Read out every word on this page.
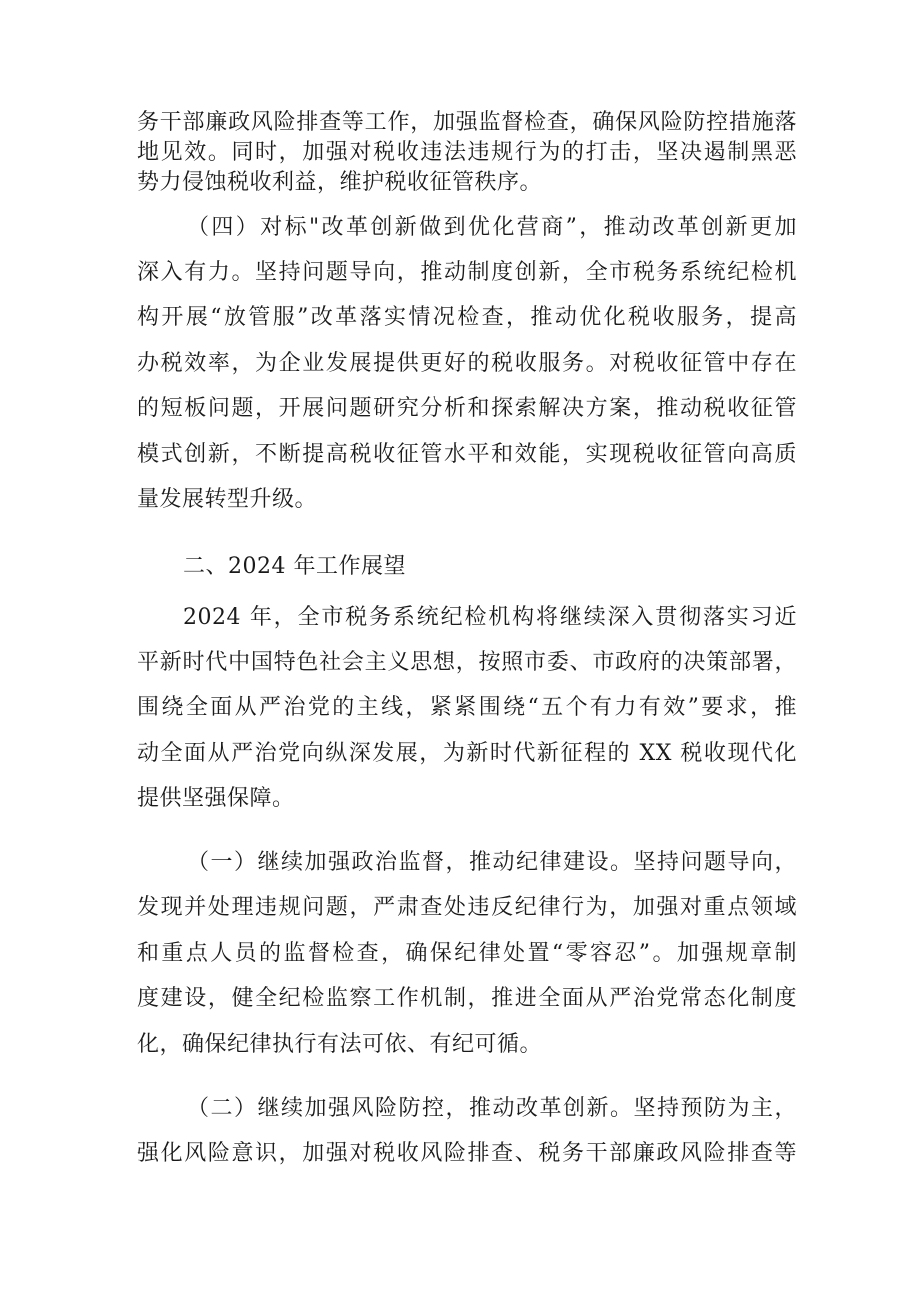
务干部廉政风险排查等工作，加强监督检查，确保风险防控措施落
地见效。同时，加强对税收违法违规行为的打击，坚决遏制黑恶
势力侵蚀税收利益，维护税收征管秩序。
（四）对标"改革创新做到优化营商”，推动改革创新更加
深入有力。坚持问题导向，推动制度创新，全市税务系统纪检机
构开展“放管服”改革落实情况检查，推动优化税收服务，提高
办税效率，为企业发展提供更好的税收服务。对税收征管中存在
的短板问题，开展问题研究分析和探索解决方案，推动税收征管
模式创新，不断提高税收征管水平和效能，实现税收征管向高质
量发展转型升级。
二、2024 年工作展望
2024 年，全市税务系统纪检机构将继续深入贯彻落实习近
平新时代中国特色社会主义思想，按照市委、市政府的决策部署，
围绕全面从严治党的主线，紧紧围绕“五个有力有效”要求，推
动全面从严治党向纵深发展，为新时代新征程的 XX 税收现代化
提供坚强保障。
（一）继续加强政治监督，推动纪律建设。坚持问题导向，
发现并处理违规问题，严肃查处违反纪律行为，加强对重点领域
和重点人员的监督检查，确保纪律处置“零容忍”。加强规章制
度建设，健全纪检监察工作机制，推进全面从严治党常态化制度
化，确保纪律执行有法可依、有纪可循。
（二）继续加强风险防控，推动改革创新。坚持预防为主，
强化风险意识，加强对税收风险排查、税务干部廉政风险排查等
